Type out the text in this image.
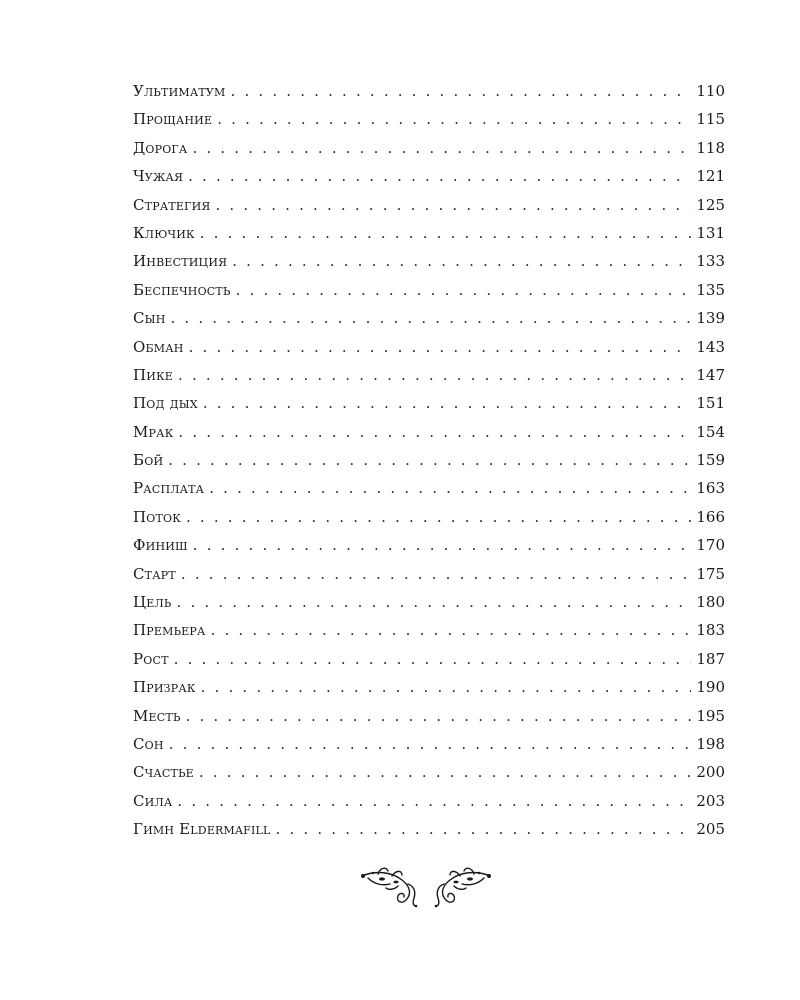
Ультиматум . . .	110
Прощание . . .	115
Дорога . . .	118
Чужая . . .	121
Стратегия . . .	125
Ключик . . .	131
Инвестиция . . .	133
Беспечность . . .	135
Сын . . .	139
Обман . . .	143
Пике . . .	147
Под дых . . .	151
Мрак . . .	154
Бой . . .	159
Расплата . . .	163
Поток . . .	166
Финиш . . .	170
Старт . . .	175
Цель . . .	180
Премьера . . .	183
Рост . . .	187
Призрак . . .	190
Месть . . .	195
Сон . . .	198
Счастье . . .	200
Сила . . .	203
Гимн Eldermafill . . .	205
